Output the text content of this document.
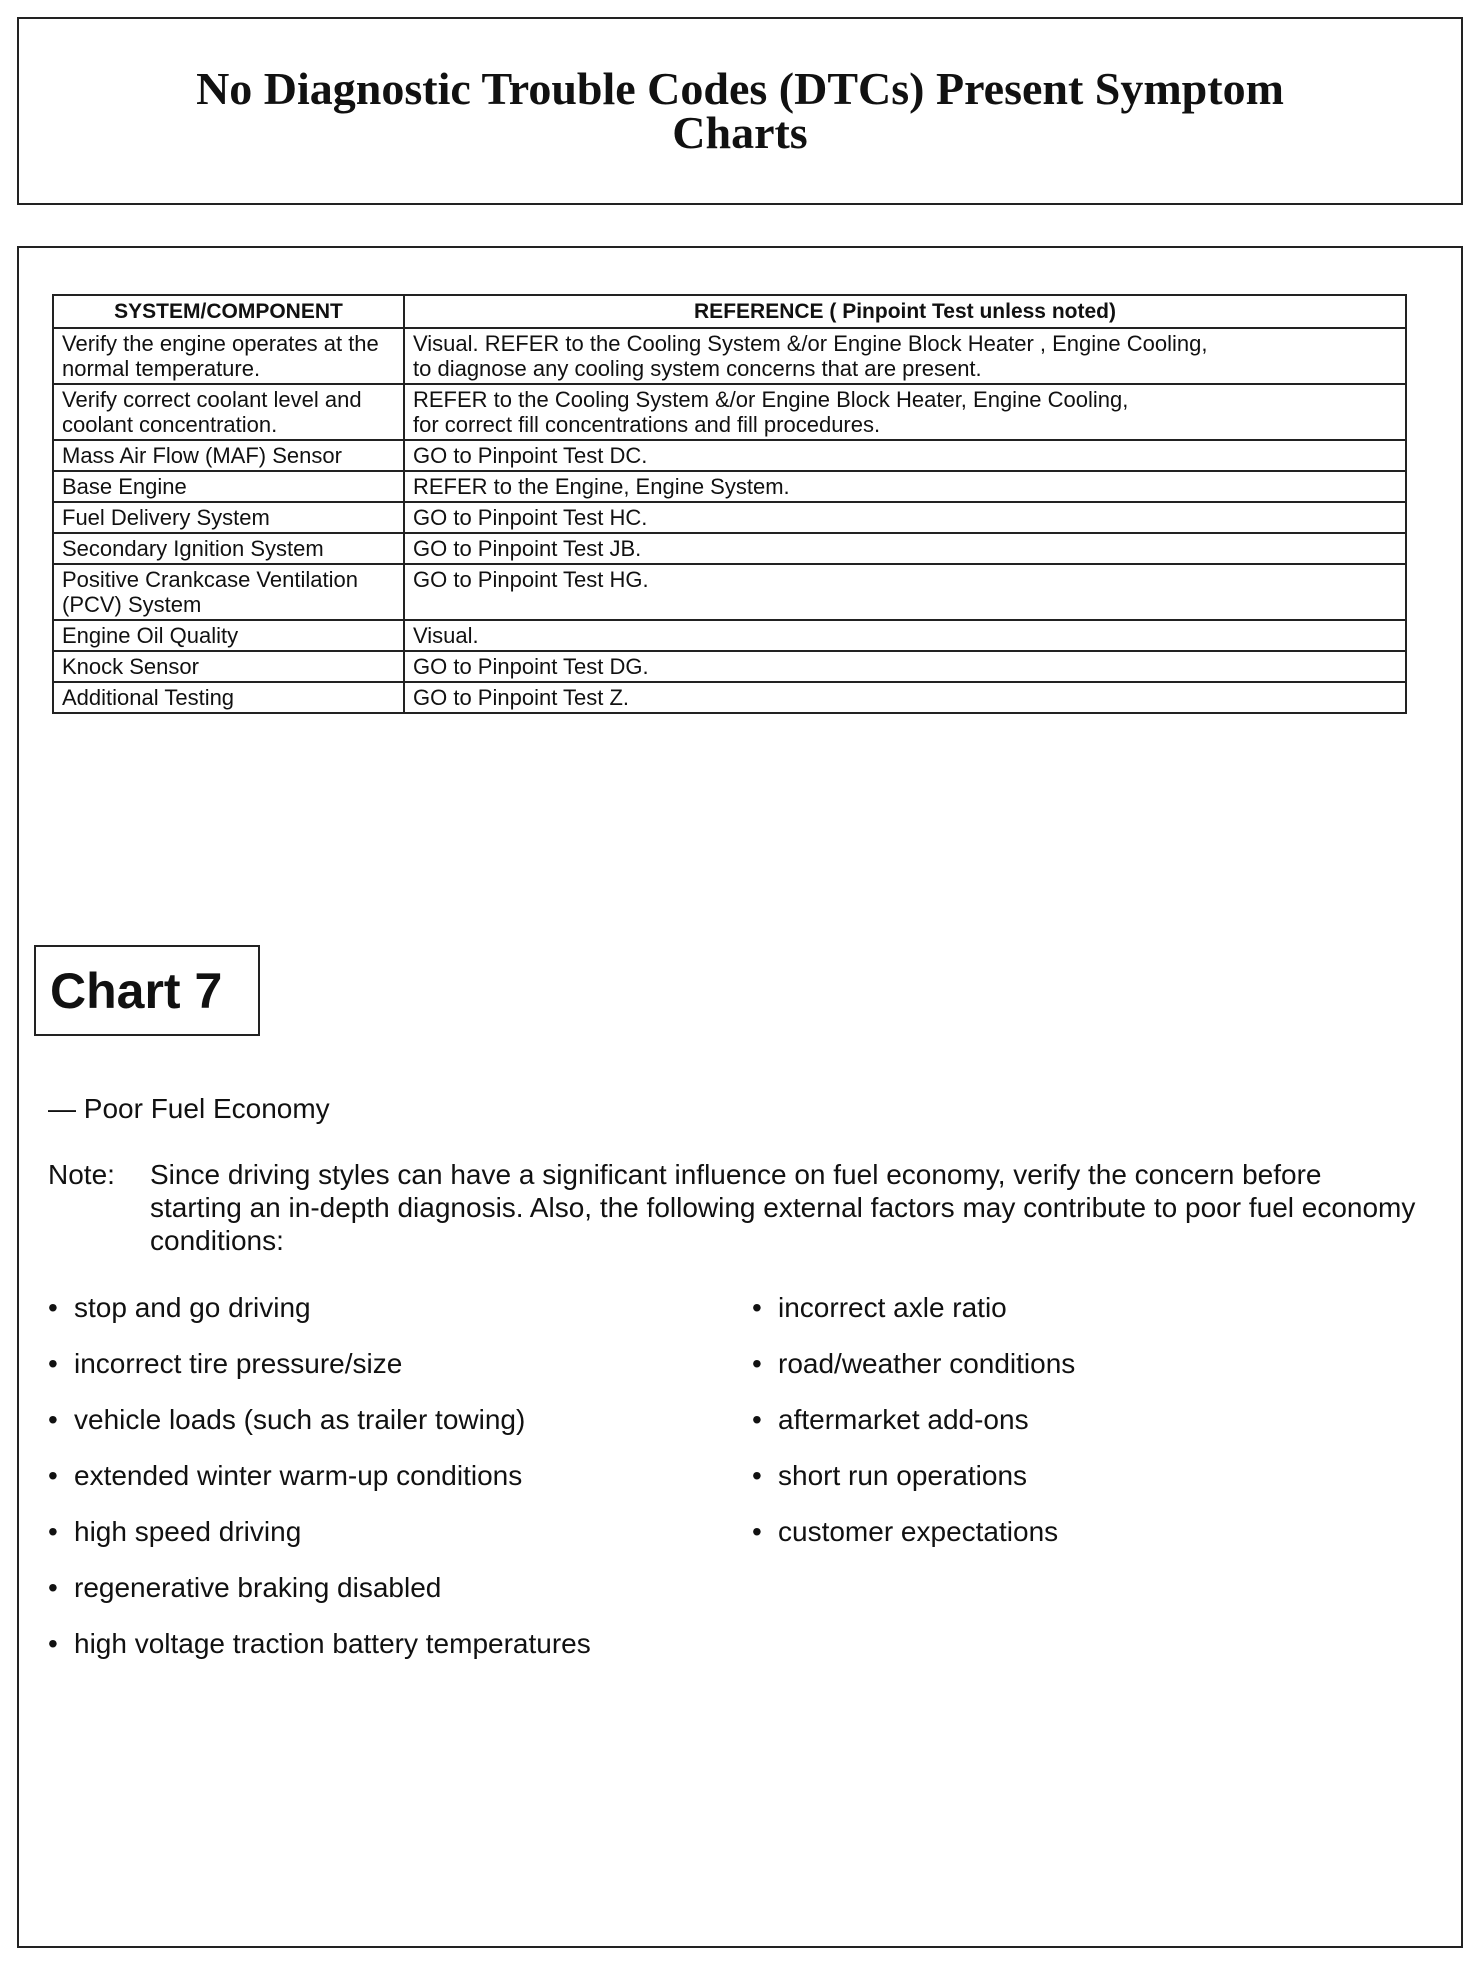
No Diagnostic Trouble Codes (DTCs) Present Symptom
Charts
SYSTEM/COMPONENT	REFERENCE ( Pinpoint Test unless noted)
Verify the engine operates at the normal temperature.	Visual. REFER to the Cooling System &/or Engine Block Heater , Engine Cooling,
to diagnose any cooling system concerns that are present.
Verify correct coolant level and coolant concentration.	REFER to the Cooling System &/or Engine Block Heater, Engine Cooling,
for correct fill concentrations and fill procedures.
Mass Air Flow (MAF) Sensor	GO to Pinpoint Test DC.
Base Engine	REFER to the Engine, Engine System.
Fuel Delivery System	GO to Pinpoint Test HC.
Secondary Ignition System	GO to Pinpoint Test JB.
Positive Crankcase Ventilation (PCV) System	GO to Pinpoint Test HG.
Engine Oil Quality	Visual.
Knock Sensor	GO to Pinpoint Test DG.
Additional Testing	GO to Pinpoint Test Z.
Chart 7
— Poor Fuel Economy
Note:	Since driving styles can have a significant influence on fuel economy, verify the concern before starting an in-depth diagnosis. Also, the following external factors may contribute to poor fuel economy conditions:
• stop and go driving
• incorrect tire pressure/size
• vehicle loads (such as trailer towing)
• extended winter warm-up conditions
• high speed driving
• regenerative braking disabled
• high voltage traction battery temperatures
• incorrect axle ratio
• road/weather conditions
• aftermarket add-ons
• short run operations
• customer expectations
